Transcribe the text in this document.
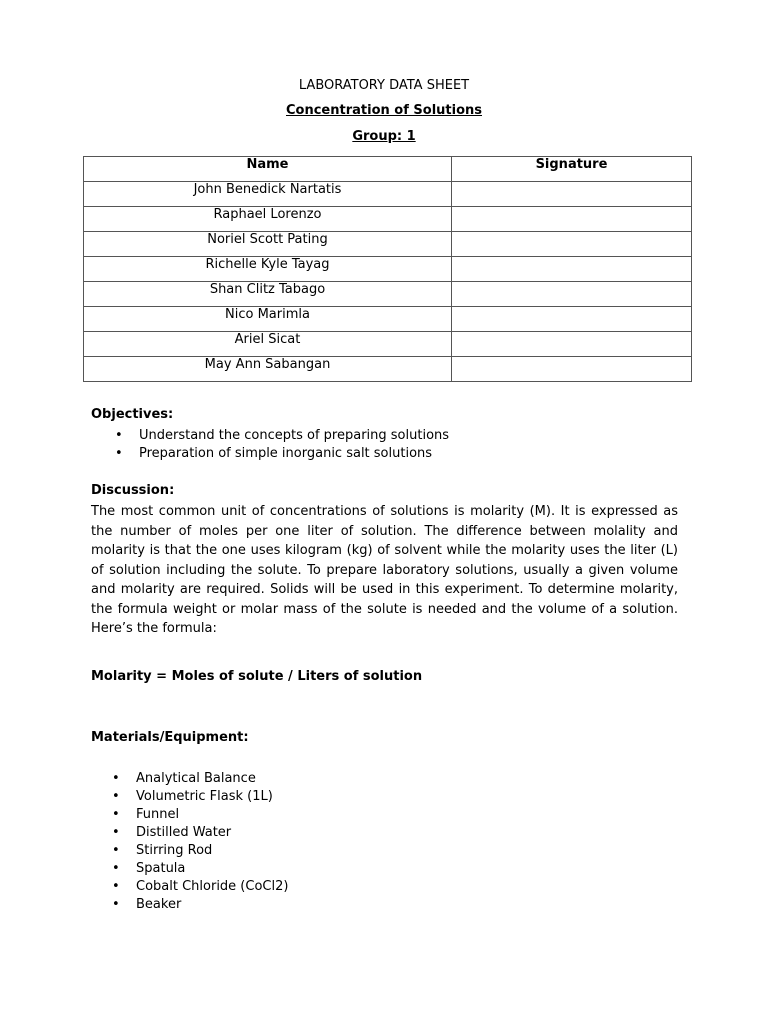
LABORATORY DATA SHEET
Concentration of Solutions
Group: 1
Name	Signature
John Benedick Nartatis	
Raphael Lorenzo	
Noriel Scott Pating	
Richelle Kyle Tayag	
Shan Clitz Tabago	
Nico Marimla	
Ariel Sicat	
May Ann Sabangan	
Objectives:
• Understand the concepts of preparing solutions
• Preparation of simple inorganic salt solutions
Discussion:
The most common unit of concentrations of solutions is molarity (M). It is expressed as the number of moles per one liter of solution. The difference between molality and molarity is that the one uses kilogram (kg) of solvent while the molarity uses the liter (L) of solution including the solute. To prepare laboratory solutions, usually a given volume and molarity are required. Solids will be used in this experiment. To determine molarity, the formula weight or molar mass of the solute is needed and the volume of a solution. Here’s the formula:
Molarity = Moles of solute / Liters of solution
Materials/Equipment:
• Analytical Balance
• Volumetric Flask (1L)
• Funnel
• Distilled Water
• Stirring Rod
• Spatula
• Cobalt Chloride (CoCl2)
• Beaker
